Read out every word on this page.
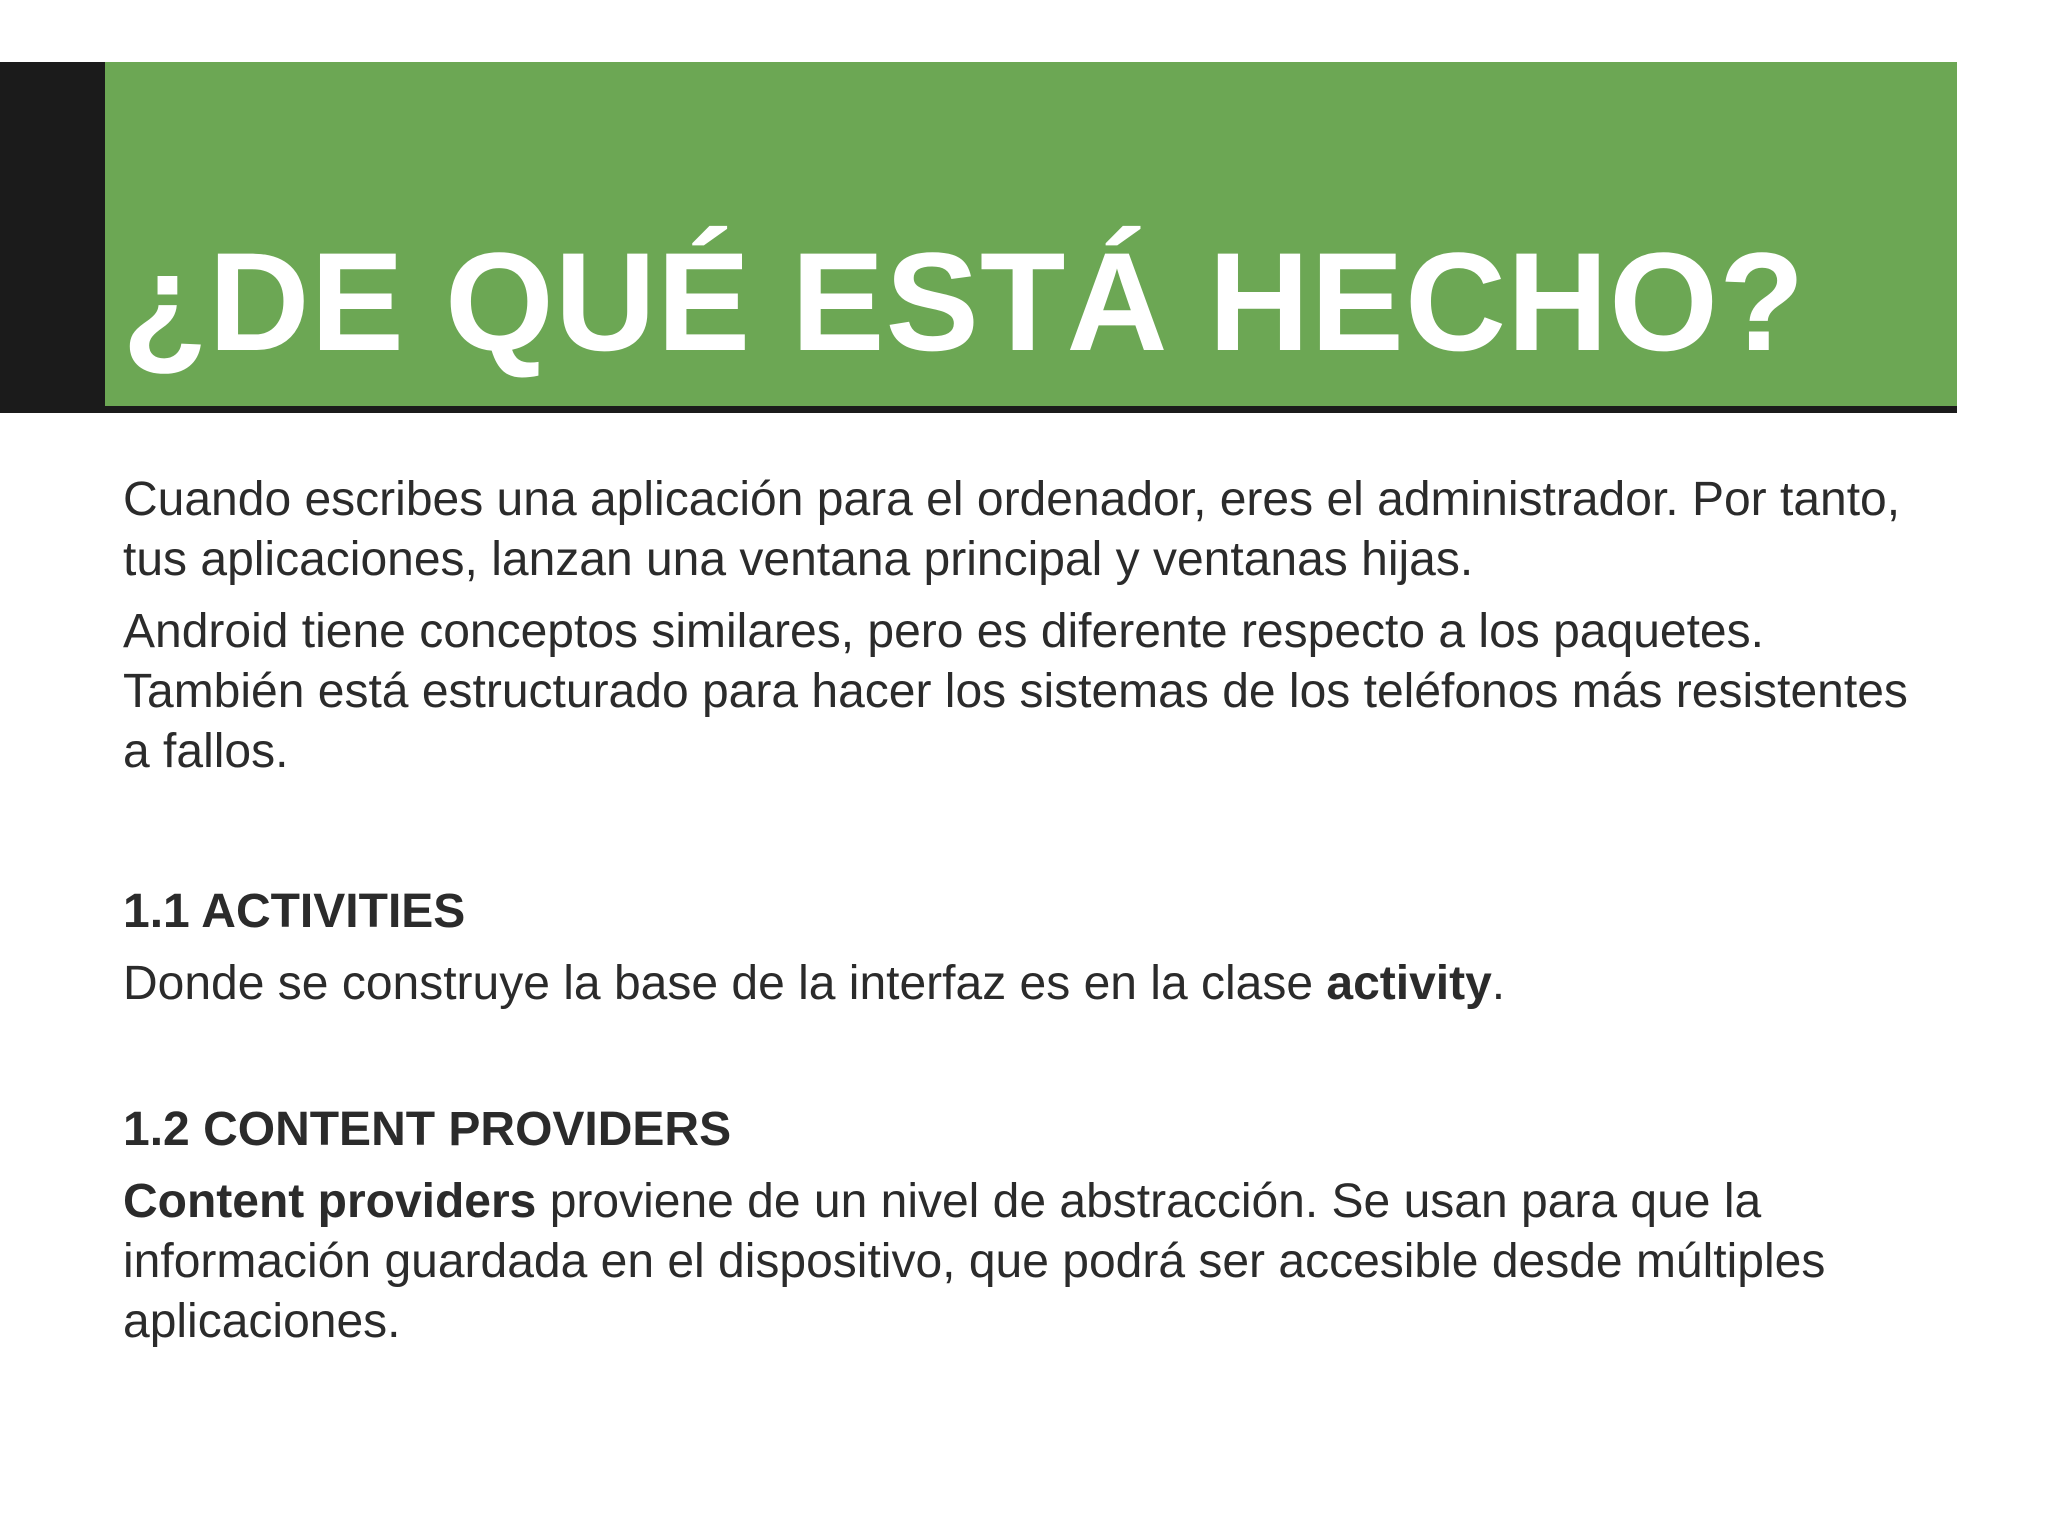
¿DE QUÉ ESTÁ HECHO?

Cuando escribes una aplicación para el ordenador, eres el administrador. Por tanto, tus aplicaciones, lanzan una ventana principal y ventanas hijas.

Android tiene conceptos similares, pero es diferente respecto a los paquetes. También está estructurado para hacer los sistemas de los teléfonos más resistentes a fallos.

1.1 ACTIVITIES

Donde se construye la base de la interfaz es en la clase activity.

1.2 CONTENT PROVIDERS

Content providers proviene de un nivel de abstracción. Se usan para que la información guardada en el dispositivo, que podrá ser accesible desde múltiples aplicaciones.
